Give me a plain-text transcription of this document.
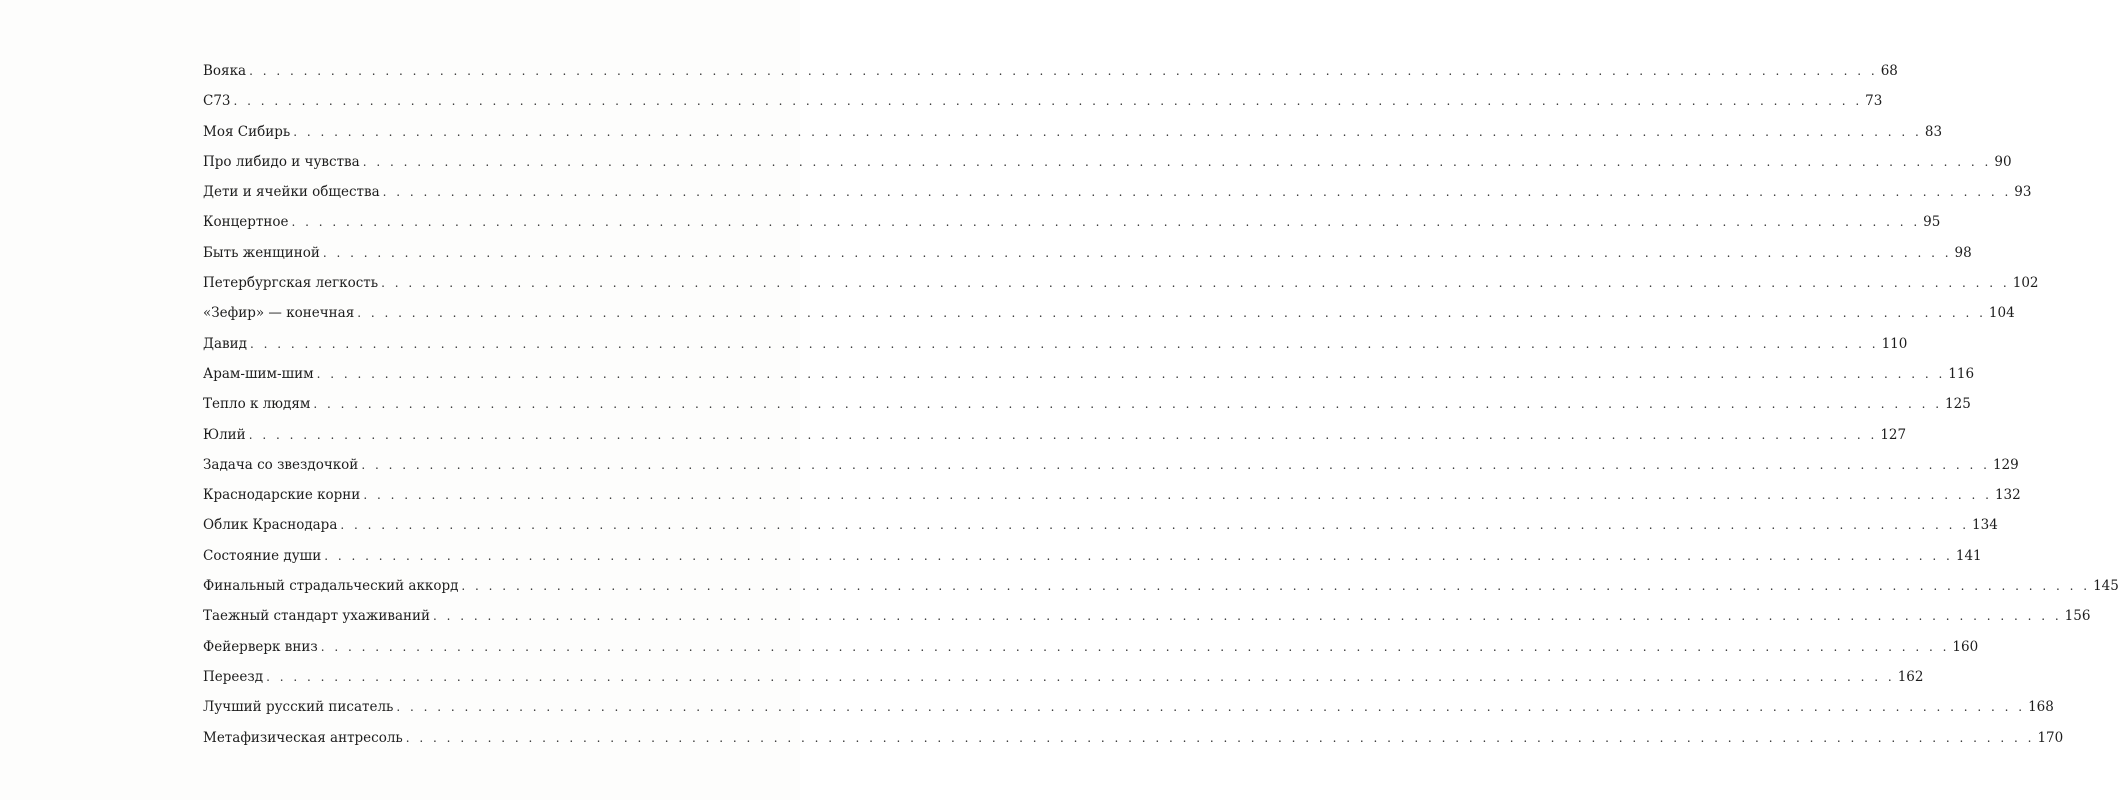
Вояка . . . . . . . . . . . . . . . . . . . . . . . . . . . . . . . . . . . . . . . . . . . . . . . . . . . . . . . . . . . . . . . . . . . . . . . . . . . . . . . . . . . . . . . . . . . . . . . . . . . . . . . . . . . . . . . . . . . . . . . . 68
С73 . . . . . . . . . . . . . . . . . . . . . . . . . . . . . . . . . . . . . . . . . . . . . . . . . . . . . . . . . . . . . . . . . . . . . . . . . . . . . . . . . . . . . . . . . . . . . . . . . . . . . . . . . . . . . . . . . . . . . . . . 73
Моя Сибирь . . . . . . . . . . . . . . . . . . . . . . . . . . . . . . . . . . . . . . . . . . . . . . . . . . . . . . . . . . . . . . . . . . . . . . . . . . . . . . . . . . . . . . . . . . . . . . . . . . . . . . . . . . . . . . . . . . . . . . . . 83
Про либидо и чувства . . . . . . . . . . . . . . . . . . . . . . . . . . . . . . . . . . . . . . . . . . . . . . . . . . . . . . . . . . . . . . . . . . . . . . . . . . . . . . . . . . . . . . . . . . . . . . . . . . . . . . . . . . . . . . . . . . . . . . . . 90
Дети и ячейки общества . . . . . . . . . . . . . . . . . . . . . . . . . . . . . . . . . . . . . . . . . . . . . . . . . . . . . . . . . . . . . . . . . . . . . . . . . . . . . . . . . . . . . . . . . . . . . . . . . . . . . . . . . . . . . . . . . . . . . . . . 93
Концертное . . . . . . . . . . . . . . . . . . . . . . . . . . . . . . . . . . . . . . . . . . . . . . . . . . . . . . . . . . . . . . . . . . . . . . . . . . . . . . . . . . . . . . . . . . . . . . . . . . . . . . . . . . . . . . . . . . . . . . . . 95
Быть женщиной . . . . . . . . . . . . . . . . . . . . . . . . . . . . . . . . . . . . . . . . . . . . . . . . . . . . . . . . . . . . . . . . . . . . . . . . . . . . . . . . . . . . . . . . . . . . . . . . . . . . . . . . . . . . . . . . . . . . . . . . 98
Петербургская легкость . . . . . . . . . . . . . . . . . . . . . . . . . . . . . . . . . . . . . . . . . . . . . . . . . . . . . . . . . . . . . . . . . . . . . . . . . . . . . . . . . . . . . . . . . . . . . . . . . . . . . . . . . . . . . . . . . . . . . . . . 102
«Зефир» — конечная . . . . . . . . . . . . . . . . . . . . . . . . . . . . . . . . . . . . . . . . . . . . . . . . . . . . . . . . . . . . . . . . . . . . . . . . . . . . . . . . . . . . . . . . . . . . . . . . . . . . . . . . . . . . . . . . . . . . . . . . 104
Давид . . . . . . . . . . . . . . . . . . . . . . . . . . . . . . . . . . . . . . . . . . . . . . . . . . . . . . . . . . . . . . . . . . . . . . . . . . . . . . . . . . . . . . . . . . . . . . . . . . . . . . . . . . . . . . . . . . . . . . . . 110
Арам-шим-шим . . . . . . . . . . . . . . . . . . . . . . . . . . . . . . . . . . . . . . . . . . . . . . . . . . . . . . . . . . . . . . . . . . . . . . . . . . . . . . . . . . . . . . . . . . . . . . . . . . . . . . . . . . . . . . . . . . . . . . . . 116
Тепло к людям . . . . . . . . . . . . . . . . . . . . . . . . . . . . . . . . . . . . . . . . . . . . . . . . . . . . . . . . . . . . . . . . . . . . . . . . . . . . . . . . . . . . . . . . . . . . . . . . . . . . . . . . . . . . . . . . . . . . . . . . 125
Юлий . . . . . . . . . . . . . . . . . . . . . . . . . . . . . . . . . . . . . . . . . . . . . . . . . . . . . . . . . . . . . . . . . . . . . . . . . . . . . . . . . . . . . . . . . . . . . . . . . . . . . . . . . . . . . . . . . . . . . . . . 127
Задача со звездочкой . . . . . . . . . . . . . . . . . . . . . . . . . . . . . . . . . . . . . . . . . . . . . . . . . . . . . . . . . . . . . . . . . . . . . . . . . . . . . . . . . . . . . . . . . . . . . . . . . . . . . . . . . . . . . . . . . . . . . . . . 129
Краснодарские корни . . . . . . . . . . . . . . . . . . . . . . . . . . . . . . . . . . . . . . . . . . . . . . . . . . . . . . . . . . . . . . . . . . . . . . . . . . . . . . . . . . . . . . . . . . . . . . . . . . . . . . . . . . . . . . . . . . . . . . . . 132
Облик Краснодара . . . . . . . . . . . . . . . . . . . . . . . . . . . . . . . . . . . . . . . . . . . . . . . . . . . . . . . . . . . . . . . . . . . . . . . . . . . . . . . . . . . . . . . . . . . . . . . . . . . . . . . . . . . . . . . . . . . . . . . . 134
Состояние души . . . . . . . . . . . . . . . . . . . . . . . . . . . . . . . . . . . . . . . . . . . . . . . . . . . . . . . . . . . . . . . . . . . . . . . . . . . . . . . . . . . . . . . . . . . . . . . . . . . . . . . . . . . . . . . . . . . . . . . . 141
Финальный страдальческий аккорд . . . . . . . . . . . . . . . . . . . . . . . . . . . . . . . . . . . . . . . . . . . . . . . . . . . . . . . . . . . . . . . . . . . . . . . . . . . . . . . . . . . . . . . . . . . . . . . . . . . . . . . . . . . . . . . . . . . . . . . . 145
Таежный стандарт ухаживаний . . . . . . . . . . . . . . . . . . . . . . . . . . . . . . . . . . . . . . . . . . . . . . . . . . . . . . . . . . . . . . . . . . . . . . . . . . . . . . . . . . . . . . . . . . . . . . . . . . . . . . . . . . . . . . . . . . . . . . . . 156
Фейерверк вниз . . . . . . . . . . . . . . . . . . . . . . . . . . . . . . . . . . . . . . . . . . . . . . . . . . . . . . . . . . . . . . . . . . . . . . . . . . . . . . . . . . . . . . . . . . . . . . . . . . . . . . . . . . . . . . . . . . . . . . . . 160
Переезд . . . . . . . . . . . . . . . . . . . . . . . . . . . . . . . . . . . . . . . . . . . . . . . . . . . . . . . . . . . . . . . . . . . . . . . . . . . . . . . . . . . . . . . . . . . . . . . . . . . . . . . . . . . . . . . . . . . . . . . . 162
Лучший русский писатель . . . . . . . . . . . . . . . . . . . . . . . . . . . . . . . . . . . . . . . . . . . . . . . . . . . . . . . . . . . . . . . . . . . . . . . . . . . . . . . . . . . . . . . . . . . . . . . . . . . . . . . . . . . . . . . . . . . . . . . . 168
Метафизическая антресоль . . . . . . . . . . . . . . . . . . . . . . . . . . . . . . . . . . . . . . . . . . . . . . . . . . . . . . . . . . . . . . . . . . . . . . . . . . . . . . . . . . . . . . . . . . . . . . . . . . . . . . . . . . . . . . . . . . . . . . . . 170
